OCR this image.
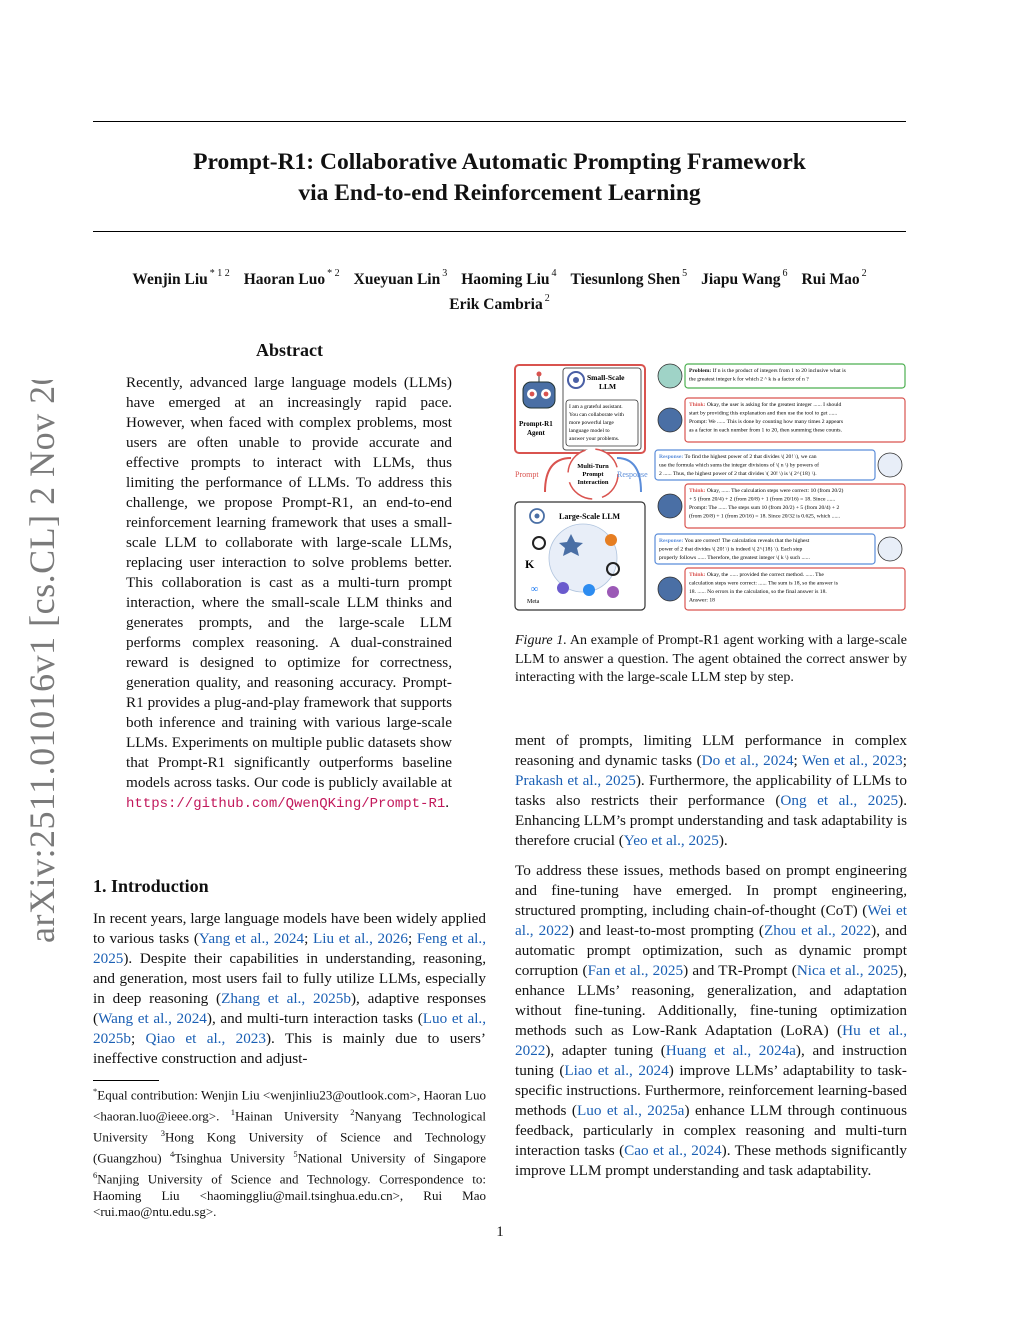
arXiv:2511.01016v1 [cs.CL] 2 Nov 2025
Prompt-R1: Collaborative Automatic Prompting Framework
via End-to-end Reinforcement Learning
Wenjin Liu $^{* 1 2}$ Haoran Luo $^{* 2}$ Xueyuan Lin $^3$ Haoming Liu $^4$ Tiesunlong Shen $^5$ Jiapu Wang $^6$ Rui Mao $^2$
Erik Cambria $^2$
Abstract
Recently, advanced large language models (LLMs) have emerged at an increasingly rapid pace. However, when faced with complex problems, most users are often unable to provide accurate and effective prompts to interact with LLMs, thus limiting the performance of LLMs. To address this challenge, we propose Prompt-R1, an end-to-end reinforcement learning framework that uses a small-scale LLM to collaborate with large-scale LLMs, replacing user interaction to solve problems better. This collaboration is cast as a multi-turn prompt interaction, where the small-scale LLM thinks and generates prompts, and the large-scale LLM performs complex reasoning. A dual-constrained reward is designed to optimize for correctness, generation quality, and reasoning accuracy. Prompt-R1 provides a plug-and-play framework that supports both inference and training with various large-scale LLMs. Experiments on multiple public datasets show that Prompt-R1 significantly outperforms baseline models across tasks. Our code is publicly available at https://github.com/QwenQKing/Prompt-R1.
1. Introduction
In recent years, large language models have been widely applied to various tasks (Yang et al., 2024; Liu et al., 2026; Feng et al., 2025). Despite their capabilities in understanding, reasoning, and generation, most users fail to fully utilize LLMs, especially in deep reasoning (Zhang et al., 2025b), adaptive responses (Wang et al., 2024), and multi-turn interaction tasks (Luo et al., 2025b; Qiao et al., 2023). This is mainly due to users’ ineffective construction and adjust-
*Equal contribution: Wenjin Liu <wenjinliu23@outlook.com>, Haoran Luo <haoran.luo@ieee.org>. $^1$Hainan University $^2$Nanyang Technological University $^3$Hong Kong University of Science and Technology (Guangzhou) $^4$Tsinghua University $^5$National University of Singapore $^6$Nanjing University of Science and Technology. Correspondence to: Haoming Liu <haominggliu@mail.tsinghua.edu.cn>, Rui Mao <rui.mao@ntu.edu.sg>.
Prompt-R1
Agent
Small-Scale
LLM
I am a grateful assistant.
You can collaborate with
more powerful large
language model to
answer your problems.
Multi-Turn
Prompt
Interaction
Prompt	Response
Large-Scale LLM
K
∞
Meta
Problem: If n is the product of integers from 1 to 20 inclusive what is
the greatest integer k for which 2 ^ k is a factor of n ?
Think: Okay, the user is asking for the greatest integer ...... I should
start by providing this explanation and then use the tool to get ......
Prompt: We ...... This is done by counting how many times 2 appears
as a factor in each number from 1 to 20, then summing these counts.
Response: To find the highest power of 2 that divides \( 20! \), we can
use the formula which sums the integer divisions of \( n \) by powers of
2 ...... Thus, the highest power of 2 that divides \( 20! \) is \( 2^{18} \).
Think: Okay, ...... The calculation steps were correct: 10 (from 20/2)
+ 5 (from 20/4) + 2 (from 20/8) + 1 (from 20/16) = 18. Since ......
Prompt: The ...... The steps sum 10 (from 20/2) + 5 (from 20/4) + 2
(from 20/8) + 1 (from 20/16) = 18. Since 20/32 is 0.625, which ......
Response: You are correct! The calculation reveals that the highest
power of 2 that divides \( 20! \) is indeed \( 2^{18} \). Each step
properly follows ...... Therefore, the greatest integer \( k \) such ......
Think: Okay, the ...... provided the correct method. ...... The
calculation steps were correct: ...... The sum is 18, so the answer is
18. ...... No errors in the calculation, so the final answer is 18.
Answer: 18
Figure 1. An example of Prompt-R1 agent working with a large-scale LLM to answer a question. The agent obtained the correct answer by interacting with the large-scale LLM step by step.
ment of prompts, limiting LLM performance in complex reasoning and dynamic tasks (Do et al., 2024; Wen et al., 2023; Prakash et al., 2025). Furthermore, the applicability of LLMs to tasks also restricts their performance (Ong et al., 2025). Enhancing LLM’s prompt understanding and task adaptability is therefore crucial (Yeo et al., 2025).
To address these issues, methods based on prompt engineering and fine-tuning have emerged. In prompt engineering, structured prompting, including chain-of-thought (CoT) (Wei et al., 2022) and least-to-most prompting (Zhou et al., 2022), and automatic prompt optimization, such as dynamic prompt corruption (Fan et al., 2025) and TR-Prompt (Nica et al., 2025), enhance LLMs’ reasoning, generalization, and adaptation without fine-tuning. Additionally, fine-tuning optimization methods such as Low-Rank Adaptation (LoRA) (Hu et al., 2022), adapter tuning (Huang et al., 2024a), and instruction tuning (Liao et al., 2024) improve LLMs’ adaptability to task-specific instructions. Furthermore, reinforcement learning-based methods (Luo et al., 2025a) enhance LLM through continuous feedback, particularly in complex reasoning and multi-turn interaction tasks (Cao et al., 2024). These methods significantly improve LLM prompt understanding and task adaptability.
1
